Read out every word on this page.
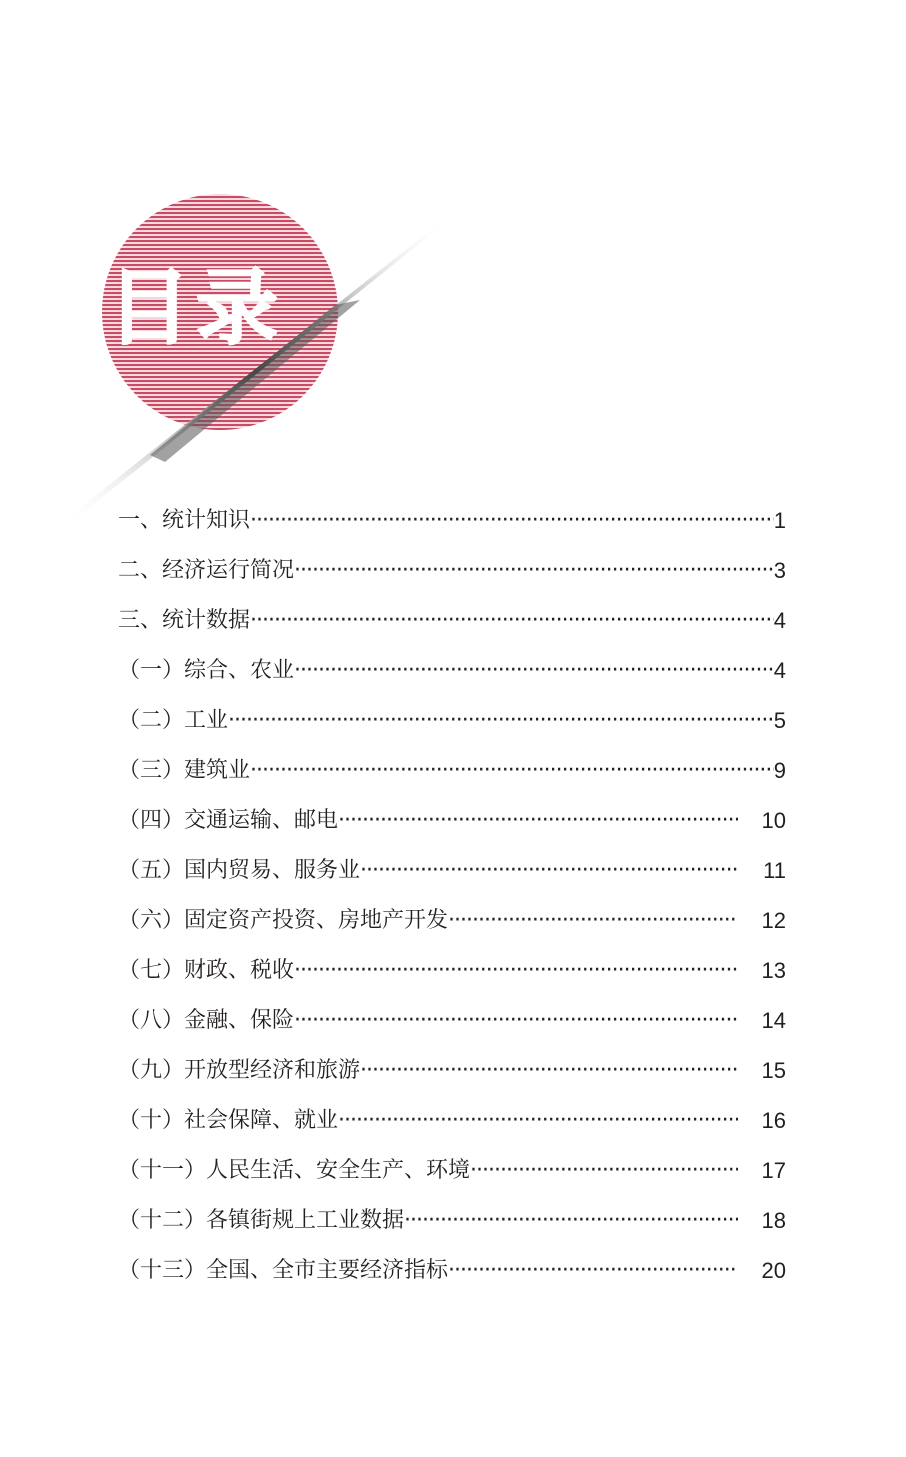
目录
一、统计知识 ·····	1
二、经济运行简况 ·····	3
三、统计数据 ·····	4
（一）综合、农业 ·····	4
（二）工业 ·····	5
（三）建筑业 ·····	9
（四）交通运输、邮电 ·····	10
（五）国内贸易、服务业 ·····	11
（六）固定资产投资、房地产开发 ·····	12
（七）财政、税收 ·····	13
（八）金融、保险 ·····	14
（九）开放型经济和旅游 ·····	15
（十）社会保障、就业 ·····	16
（十一）人民生活、安全生产、环境 ·····	17
（十二）各镇街规上工业数据 ·····	18
（十三）全国、全市主要经济指标 ·····	20
